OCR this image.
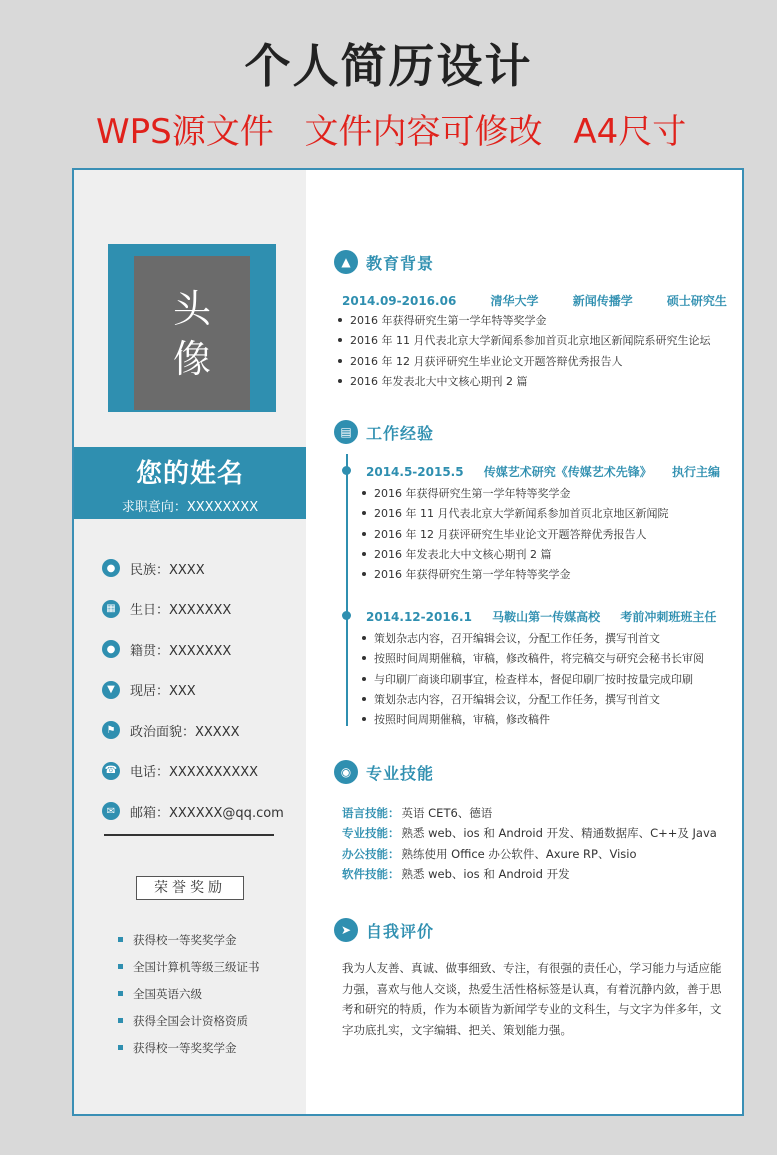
个人简历设计
WPS源文件 文件内容可修改 A4尺寸
头
像
您的姓名
求职意向：XXXXXXXX
●	民族：XXXX
▦	生日：XXXXXXX
●	籍贯：XXXXXXX
▼	现居：XXX
⚑	政治面貌：XXXXX
☎ 电话：XXXXXXXXXX
✉	邮箱：XXXXXX@qq.com
荣誉奖励
获得校一等奖奖学金
全国计算机等级三级证书
全国英语六级
获得全国会计资格资质
获得校一等奖奖学金
▲ 教育背景
2014.09-2016.06	清华大学	新闻传播学	硕士研究生
2016 年获得研究生第一学年特等奖学金
2016 年 11 月代表北京大学新闻系参加首页北京地区新闻院系研究生论坛
2016 年 12 月获评研究生毕业论文开题答辩优秀报告人
2016 年发表北大中文核心期刊 2 篇
▤ 工作经验
2014.5-2015.5 传媒艺术研究《传媒艺术先锋》 执行主编
2016 年获得研究生第一学年特等奖学金
2016 年 11 月代表北京大学新闻系参加首页北京地区新闻院
2016 年 12 月获评研究生毕业论文开题答辩优秀报告人
2016 年发表北大中文核心期刊 2 篇
2016 年获得研究生第一学年特等奖学金
2014.12-2016.1 马鞍山第一传媒高校 考前冲刺班班主任
策划杂志内容，召开编辑会议，分配工作任务，撰写刊首文
按照时间周期催稿，审稿，修改稿件，将完稿交与研究会秘书长审阅
与印刷厂商谈印刷事宜，检查样本，督促印刷厂按时按量完成印刷
策划杂志内容，召开编辑会议，分配工作任务，撰写刊首文
按照时间周期催稿，审稿，修改稿件
◉ 专业技能
语言技能： 英语 CET6、德语
专业技能： 熟悉 web、ios 和 Android 开发、精通数据库、C++及 Java
办公技能： 熟练使用 Office 办公软件、Axure RP、Visio
软件技能： 熟悉 web、ios 和 Android 开发
➤ 自我评价
我为人友善、真诚、做事细致、专注，有很强的责任心，学习能力与适应能力强，喜欢与他人交谈，热爱生活性格标签是认真，有着沉静内敛，善于思考和研究的特质，作为本硕皆为新闻学专业的文科生，与文字为伴多年，文字功底扎实，文字编辑、把关、策划能力强。
